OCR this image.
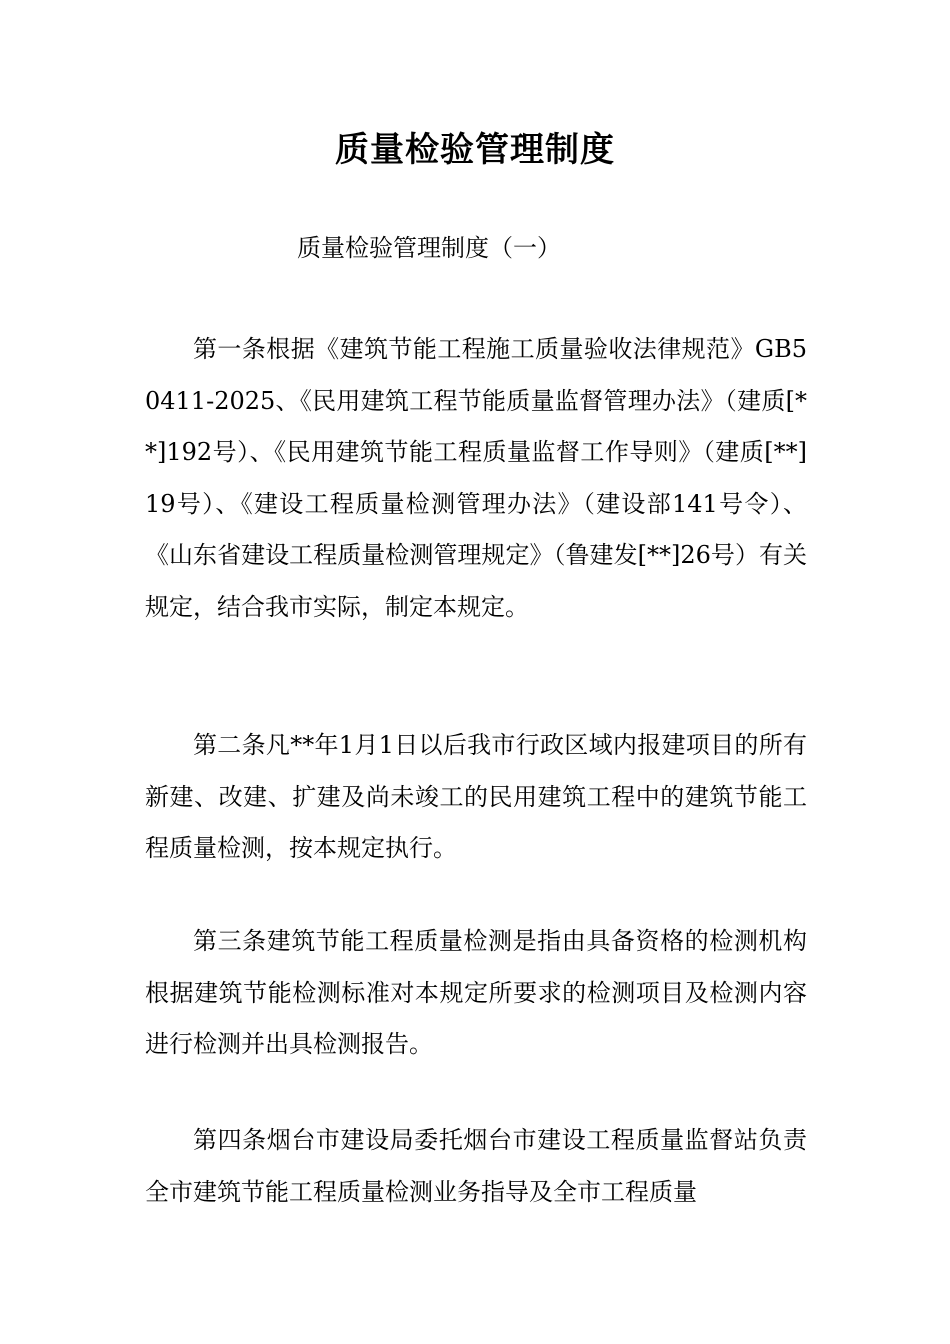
质量检验管理制度

质量检验管理制度（一）

第一条根据《建筑节能工程施工质量验收法律规范》GB50411-2025、《民用建筑工程节能质量监督管理办法》（建质[**]192号）、《民用建筑节能工程质量监督工作导则》（建质[**]19号）、《建设工程质量检测管理办法》（建设部141号令）、《山东省建设工程质量检测管理规定》（鲁建发[**]26号）有关规定，结合我市实际，制定本规定。

第二条凡**年1月1日以后我市行政区域内报建项目的所有新建、改建、扩建及尚未竣工的民用建筑工程中的建筑节能工程质量检测，按本规定执行。

第三条建筑节能工程质量检测是指由具备资格的检测机构根据建筑节能检测标准对本规定所要求的检测项目及检测内容进行检测并出具检测报告。

第四条烟台市建设局委托烟台市建设工程质量监督站负责全市建筑节能工程质量检测业务指导及全市工程质量
